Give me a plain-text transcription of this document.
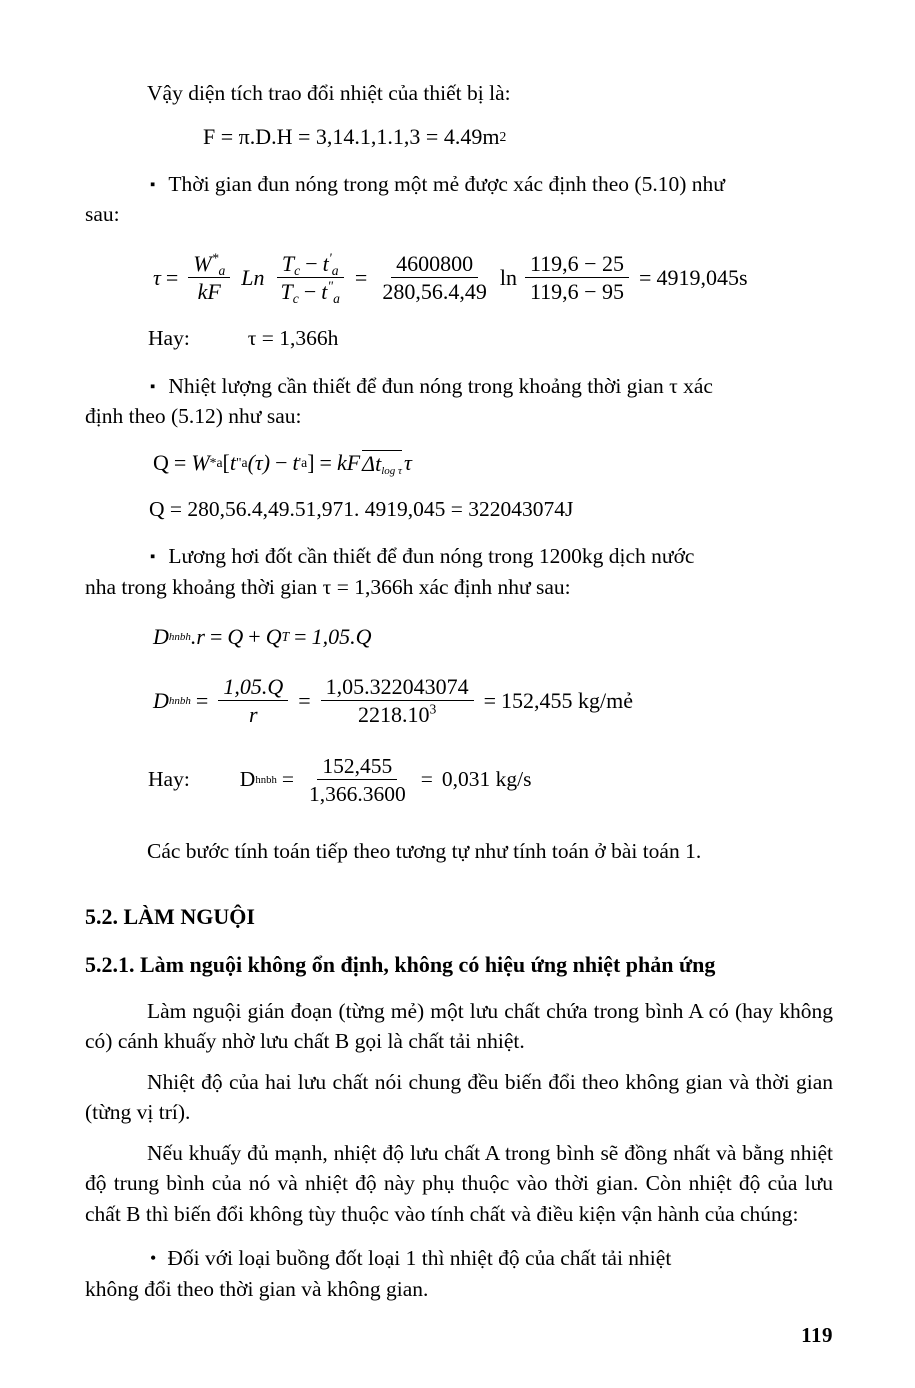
Vậy diện tích trao đổi nhiệt của thiết bị là:

F = π.D.H = 3,14.1,1.1,3 = 4.49m 2

▪ Thời gian đun nóng trong một mẻ được xác định theo (5.10) như

sau:

$\tau = \frac{W^*_a}{kF}$ Ln $\frac{T_c - t'_a}{T_c - t^"_a} = \frac{4600800}{280,56.4,49}$ $\ln \frac{119,6 - 25}{119,6 - 95} = 4919,045s$
Hay:	τ = 1,366h

▪ Nhiệt lượng cần thiết để đun nóng trong khoảng thời gian τ xác

định theo (5.12) như sau:

Q = W * a [ t " a (τ) − t ' a ] = kF $\Delta t_{log \tau}$ τ
Q = 280,56.4,49.51,971. 4919,045 = 322043074J

▪ Lương hơi đốt cần thiết để đun nóng trong 1200kg dịch nước

nha trong khoảng thời gian τ = 1,366h xác định như sau:

D hnbh .r = Q + Q T = 1,05.Q
D hnbh = $\frac{1,05.Q}{r} = \frac{1,05.322043074}{2218.10^3} = 152,455$ kg/mẻ
Hay: D hnbh = $\frac{152,455}{1,366.3600} = 0,031$ kg/s

Các bước tính toán tiếp theo tương tự như tính toán ở bài toán 1.

5.2. LÀM NGUỘI
5.2.1. Làm nguội không ổn định, không có hiệu ứng nhiệt phản ứng

Làm nguội gián đoạn (từng mẻ) một lưu chất chứa trong bình A có (hay không có) cánh khuấy nhờ lưu chất B gọi là chất tải nhiệt.

Nhiệt độ của hai lưu chất nói chung đều biến đổi theo không gian và thời gian (từng vị trí).

Nếu khuấy đủ mạnh, nhiệt độ lưu chất A trong bình sẽ đồng nhất và bằng nhiệt độ trung bình của nó và nhiệt độ này phụ thuộc vào thời gian. Còn nhiệt độ của lưu chất B thì biến đổi không tùy thuộc vào tính chất và điều kiện vận hành của chúng:

• Đối với loại buồng đốt loại 1 thì nhiệt độ của chất tải nhiệt

không đổi theo thời gian và không gian.

119
